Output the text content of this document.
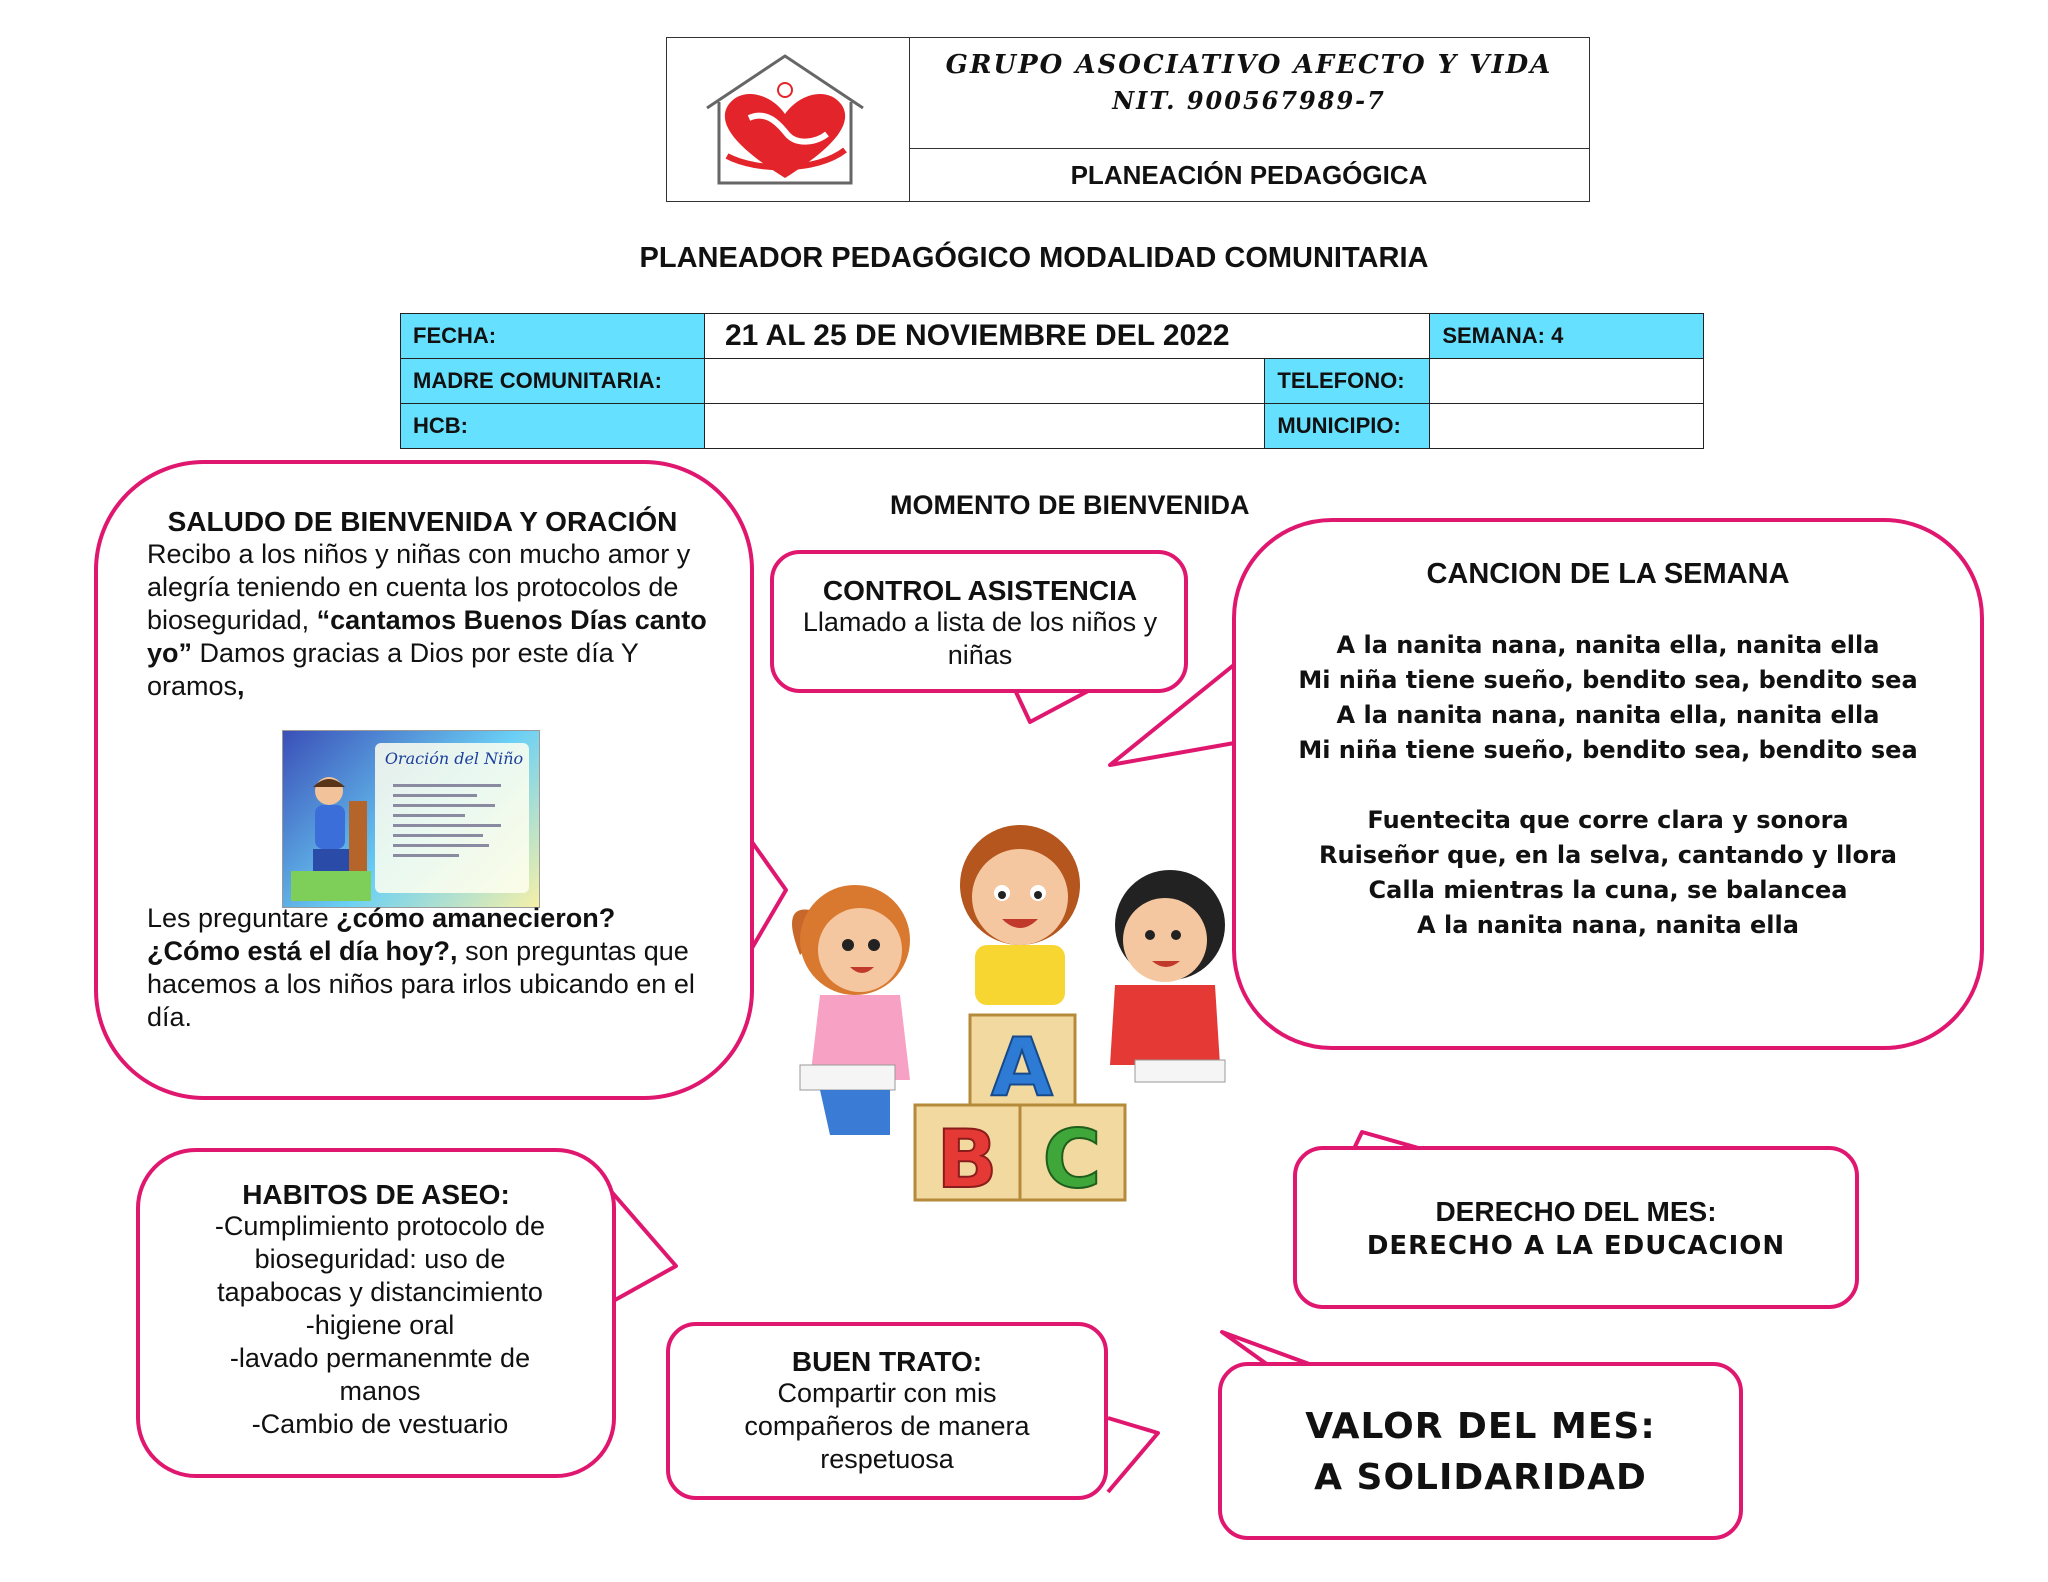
GRUPO ASOCIATIVO AFECTO Y VIDA
NIT. 900567989-7
PLANEACIÓN PEDAGÓGICA
PLANEADOR PEDAGÓGICO MODALIDAD COMUNITARIA
FECHA:	21 AL 25 DE NOVIEMBRE DEL 2022		SEMANA: 4
MADRE COMUNITARIA:		TELEFONO:	
HCB:		MUNICIPIO:	
MOMENTO DE BIENVENIDA
SALUDO DE BIENVENIDA Y ORACIÓN
Recibo a los niños y niñas con mucho amor y alegría teniendo en cuenta los protocolos de bioseguridad, “cantamos Buenos Días canto yo” Damos gracias a Dios por este día Y oramos,
Oración del Niño
Les preguntare ¿cómo amanecieron? ¿Cómo está el día hoy?, son preguntas que hacemos a los niños para irlos ubicando en el día.
CONTROL ASISTENCIA
Llamado a lista de los niños y niñas
CANCION DE LA SEMANA
A la nanita nana, nanita ella, nanita ella
Mi niña tiene sueño, bendito sea, bendito sea
A la nanita nana, nanita ella, nanita ella
Mi niña tiene sueño, bendito sea, bendito sea
Fuentecita que corre clara y sonora
Ruiseñor que, en la selva, cantando y llora
Calla mientras la cuna, se balancea
A la nanita nana, nanita ella
A
B C
HABITOS DE ASEO:
-Cumplimiento protocolo de
bioseguridad: uso de
tapabocas y distancimiento
-higiene oral
-lavado permanenmte de
manos
-Cambio de vestuario
BUEN TRATO:
Compartir con mis compañeros de manera respetuosa
DERECHO DEL MES:
DERECHO A LA EDUCACION
VALOR DEL MES:
A SOLIDARIDAD
